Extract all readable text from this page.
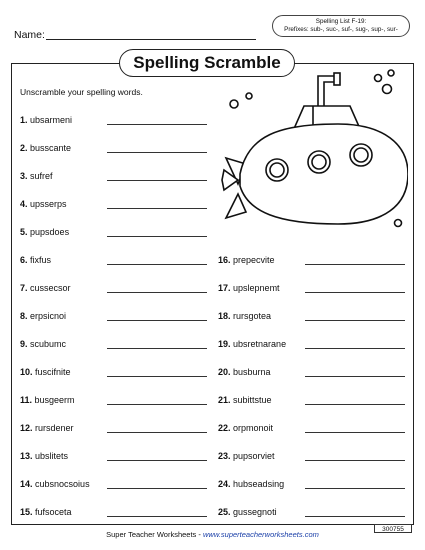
Name:
Spelling List F-19:
Prefixes: sub-, suc-, suf-, sug-, sup-, sur-
Spelling Scramble
Unscramble your spelling words.
1. ubsarmeni
2. busscante
3. sufref
4. upsserps
5. pupsdoes
6. fixfus
7. cussecsor
8. erpsicnoi
9. scubumc
10. fuscifnite
11. busgeerm
12. rursdener
13. ubslitets
14. cubsnocsoius
15. fufsoceta
16. prepecvite
17. upslepnemt
18. rursgotea
19. ubsretnarane
20. busburna
21. subittstue
22. orpmonoit
23. pupsorviet
24. hubseadsing
25. gussegnoti
Super Teacher Worksheets - www.superteacherworksheets.com
300755
